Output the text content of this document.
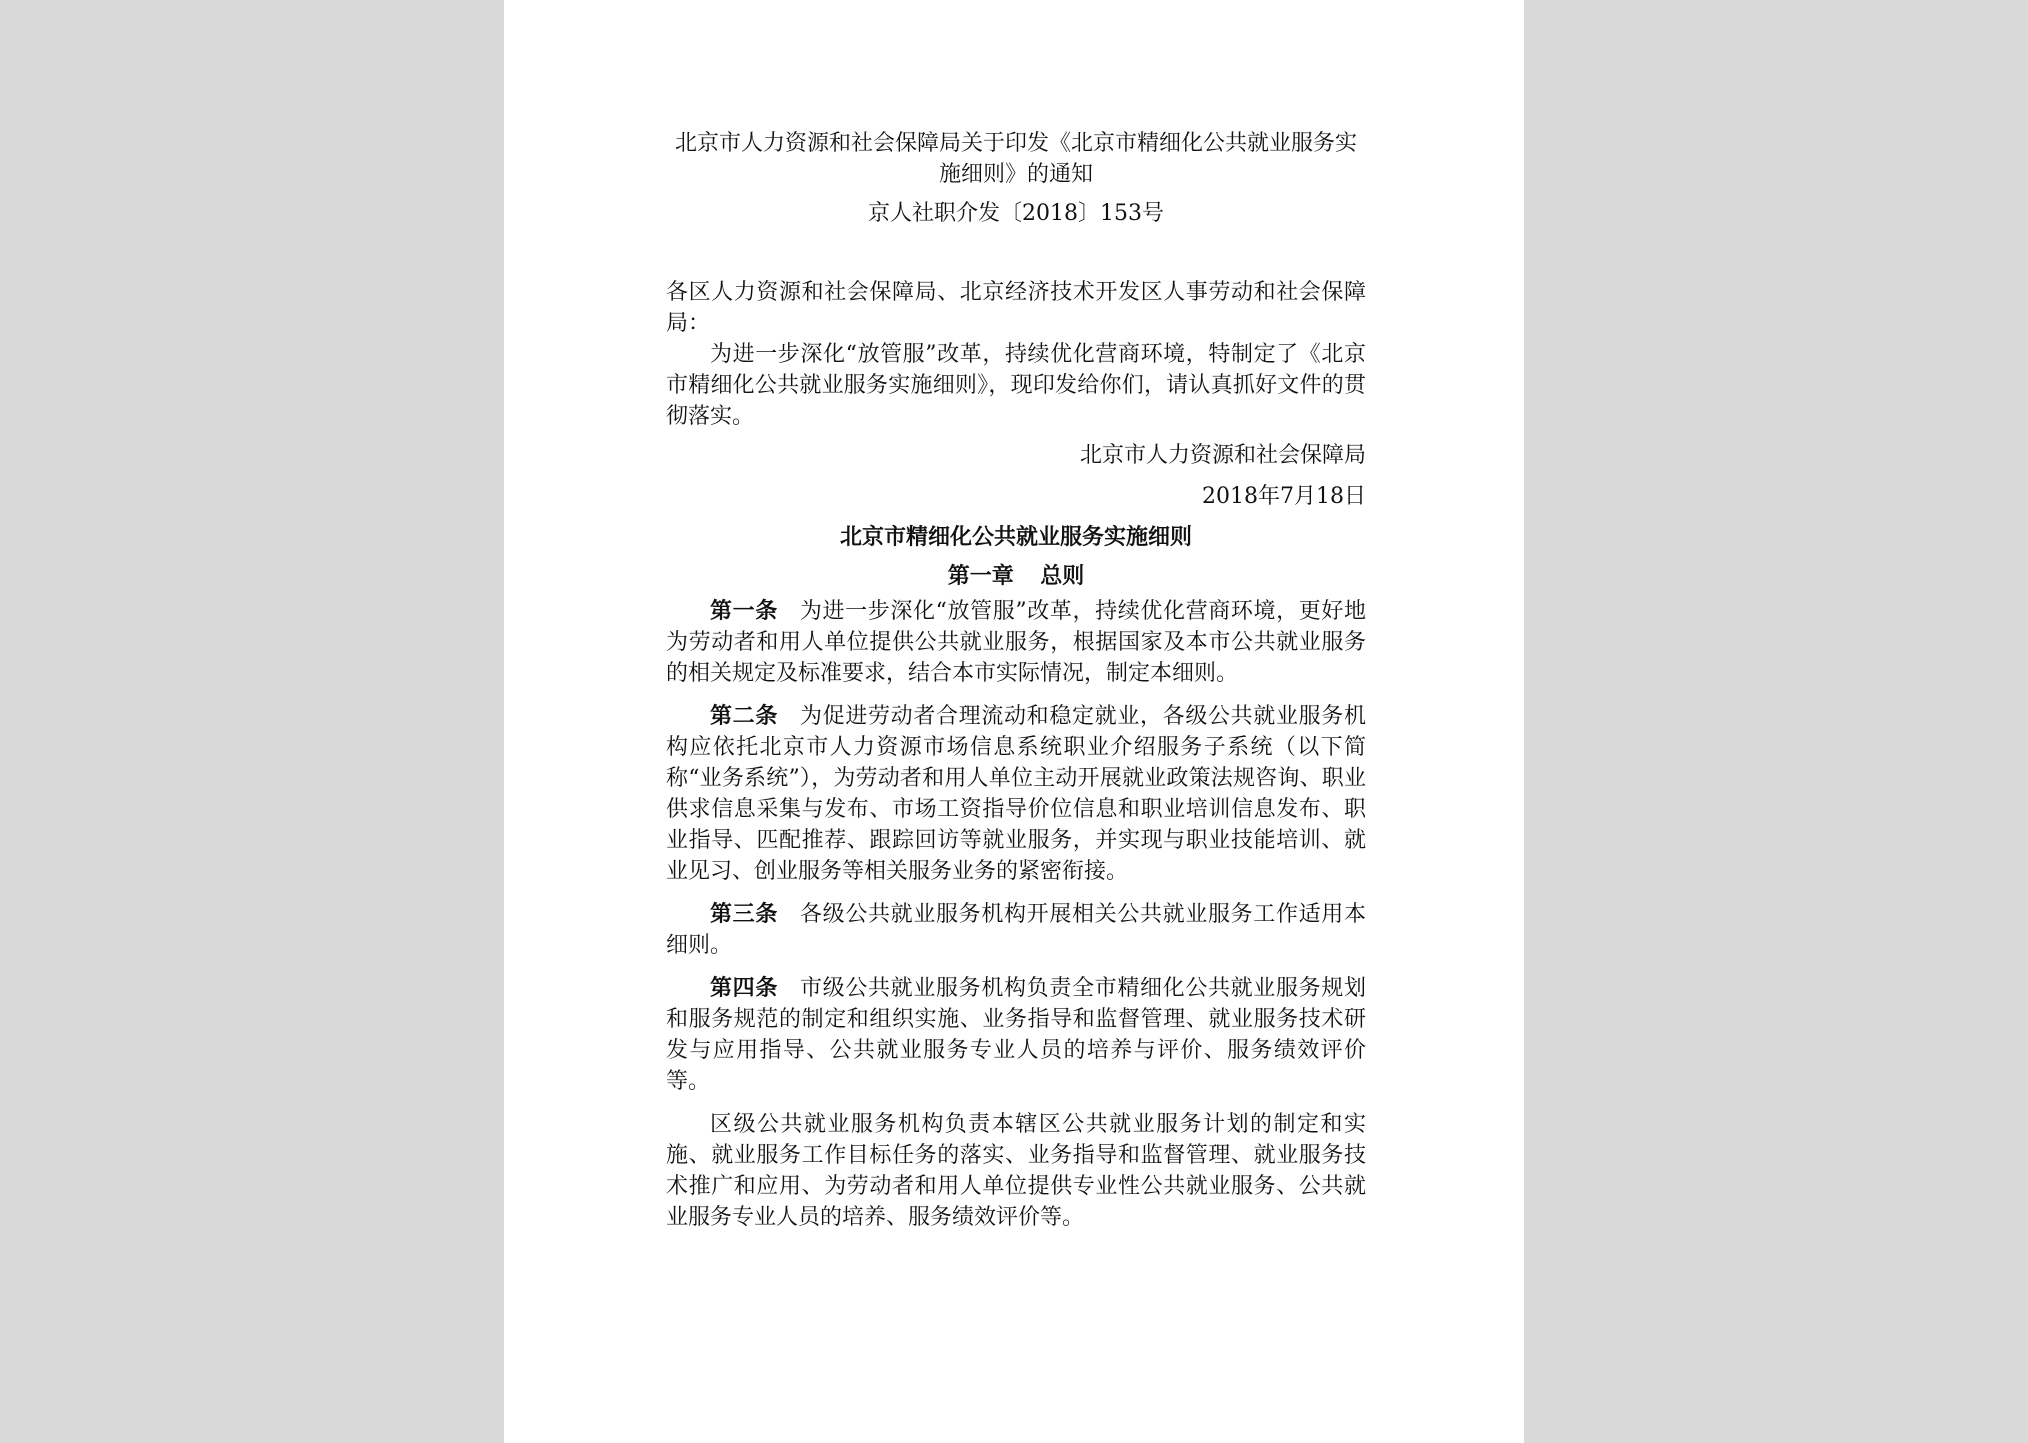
北京市人力资源和社会保障局关于印发《北京市精细化公共就业服务实施细则》的通知

京人社职介发〔2018〕153号

各区人力资源和社会保障局、北京经济技术开发区人事劳动和社会保障局：

为进一步深化“放管服”改革，持续优化营商环境，特制定了《北京市精细化公共就业服务实施细则》，现印发给你们，请认真抓好文件的贯彻落实。

北京市人力资源和社会保障局

2018年7月18日

北京市精细化公共就业服务实施细则

第一章 总则

第一条 为进一步深化“放管服”改革，持续优化营商环境，更好地为劳动者和用人单位提供公共就业服务，根据国家及本市公共就业服务的相关规定及标准要求，结合本市实际情况，制定本细则。

第二条 为促进劳动者合理流动和稳定就业，各级公共就业服务机构应依托北京市人力资源市场信息系统职业介绍服务子系统（以下简称“业务系统”），为劳动者和用人单位主动开展就业政策法规咨询、职业供求信息采集与发布、市场工资指导价位信息和职业培训信息发布、职业指导、匹配推荐、跟踪回访等就业服务，并实现与职业技能培训、就业见习、创业服务等相关服务业务的紧密衔接。

第三条 各级公共就业服务机构开展相关公共就业服务工作适用本细则。

第四条 市级公共就业服务机构负责全市精细化公共就业服务规划和服务规范的制定和组织实施、业务指导和监督管理、就业服务技术研发与应用指导、公共就业服务专业人员的培养与评价、服务绩效评价等。

区级公共就业服务机构负责本辖区公共就业服务计划的制定和实施、就业服务工作目标任务的落实、业务指导和监督管理、就业服务技术推广和应用、为劳动者和用人单位提供专业性公共就业服务、公共就业服务专业人员的培养、服务绩效评价等。
